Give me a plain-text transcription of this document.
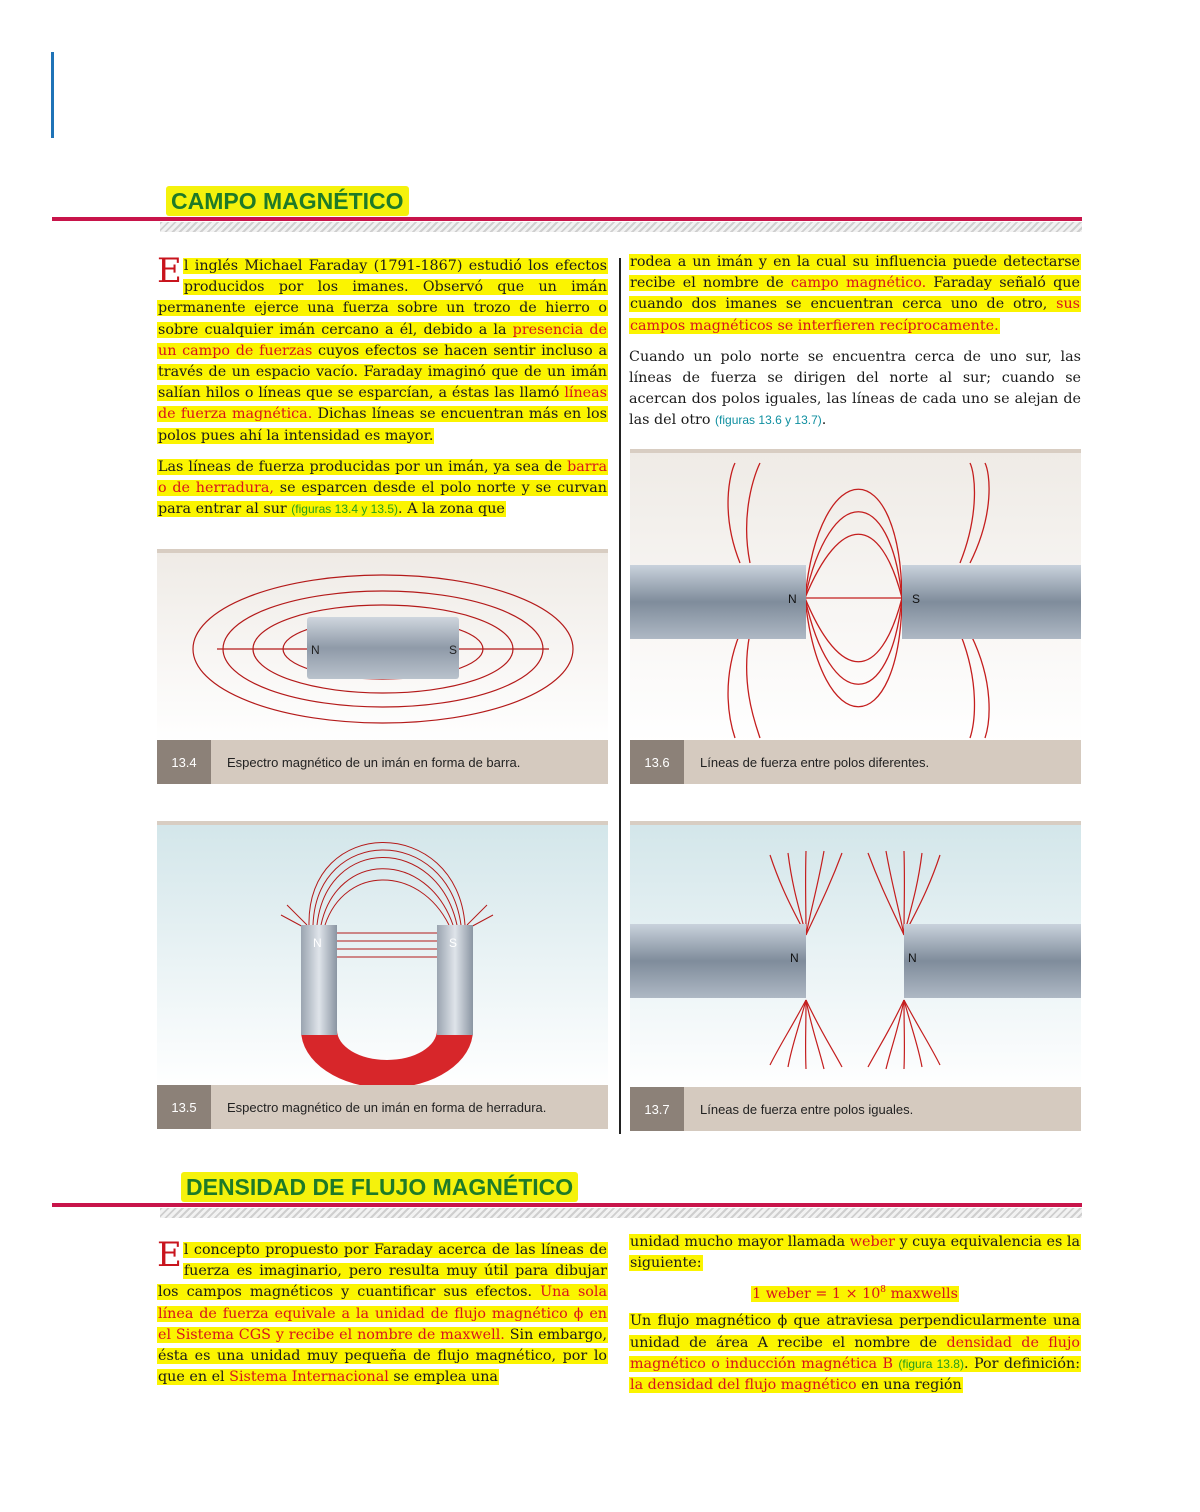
CAMPO MAGNÉTICO

El inglés Michael Faraday (1791-1867) estudió los efectos producidos por los imanes. Observó que un imán permanente ejerce una fuerza sobre un trozo de hierro o sobre cualquier imán cercano a él, debido a la presencia de un campo de fuerzas cuyos efectos se hacen sentir incluso a través de un espacio vacío. Faraday imaginó que de un imán salían hilos o líneas que se esparcían, a éstas las llamó líneas de fuerza magnética. Dichas líneas se encuentran más en los polos pues ahí la intensidad es mayor.

Las líneas de fuerza producidas por un imán, ya sea de barra o de herradura, se esparcen desde el polo norte y se curvan para entrar al sur (figuras 13.4 y 13.5). A la zona que

rodea a un imán y en la cual su influencia puede detectarse recibe el nombre de campo magnético. Faraday señaló que cuando dos imanes se encuentran cerca uno de otro, sus campos magnéticos se interfieren recíprocamente.

Cuando un polo norte se encuentra cerca de uno sur, las líneas de fuerza se dirigen del norte al sur; cuando se acercan dos polos iguales, las líneas de cada uno se alejan de las del otro (figuras 13.6 y 13.7).

N	S
13.4	Espectro magnético de un imán en forma de barra.
N	S
13.5	Espectro magnético de un imán en forma de herradura.
N	S
13.6	Líneas de fuerza entre polos diferentes.
N	N
13.7	Líneas de fuerza entre polos iguales.
DENSIDAD DE FLUJO MAGNÉTICO

El concepto propuesto por Faraday acerca de las líneas de fuerza es imaginario, pero resulta muy útil para dibujar los campos magnéticos y cuantificar sus efectos. Una sola línea de fuerza equivale a la unidad de flujo magnético ϕ en el Sistema CGS y recibe el nombre de maxwell. Sin embargo, ésta es una unidad muy pequeña de flujo magnético, por lo que en el Sistema Internacional se emplea una

unidad mucho mayor llamada weber y cuya equivalencia es la siguiente:

1 weber = $1 \times 10^8$ maxwells

Un flujo magnético ϕ que atraviesa perpendicularmente una unidad de área A recibe el nombre de densidad de flujo magnético o inducción magnética B (figura 13.8). Por definición: la densidad del flujo magnético en una región
